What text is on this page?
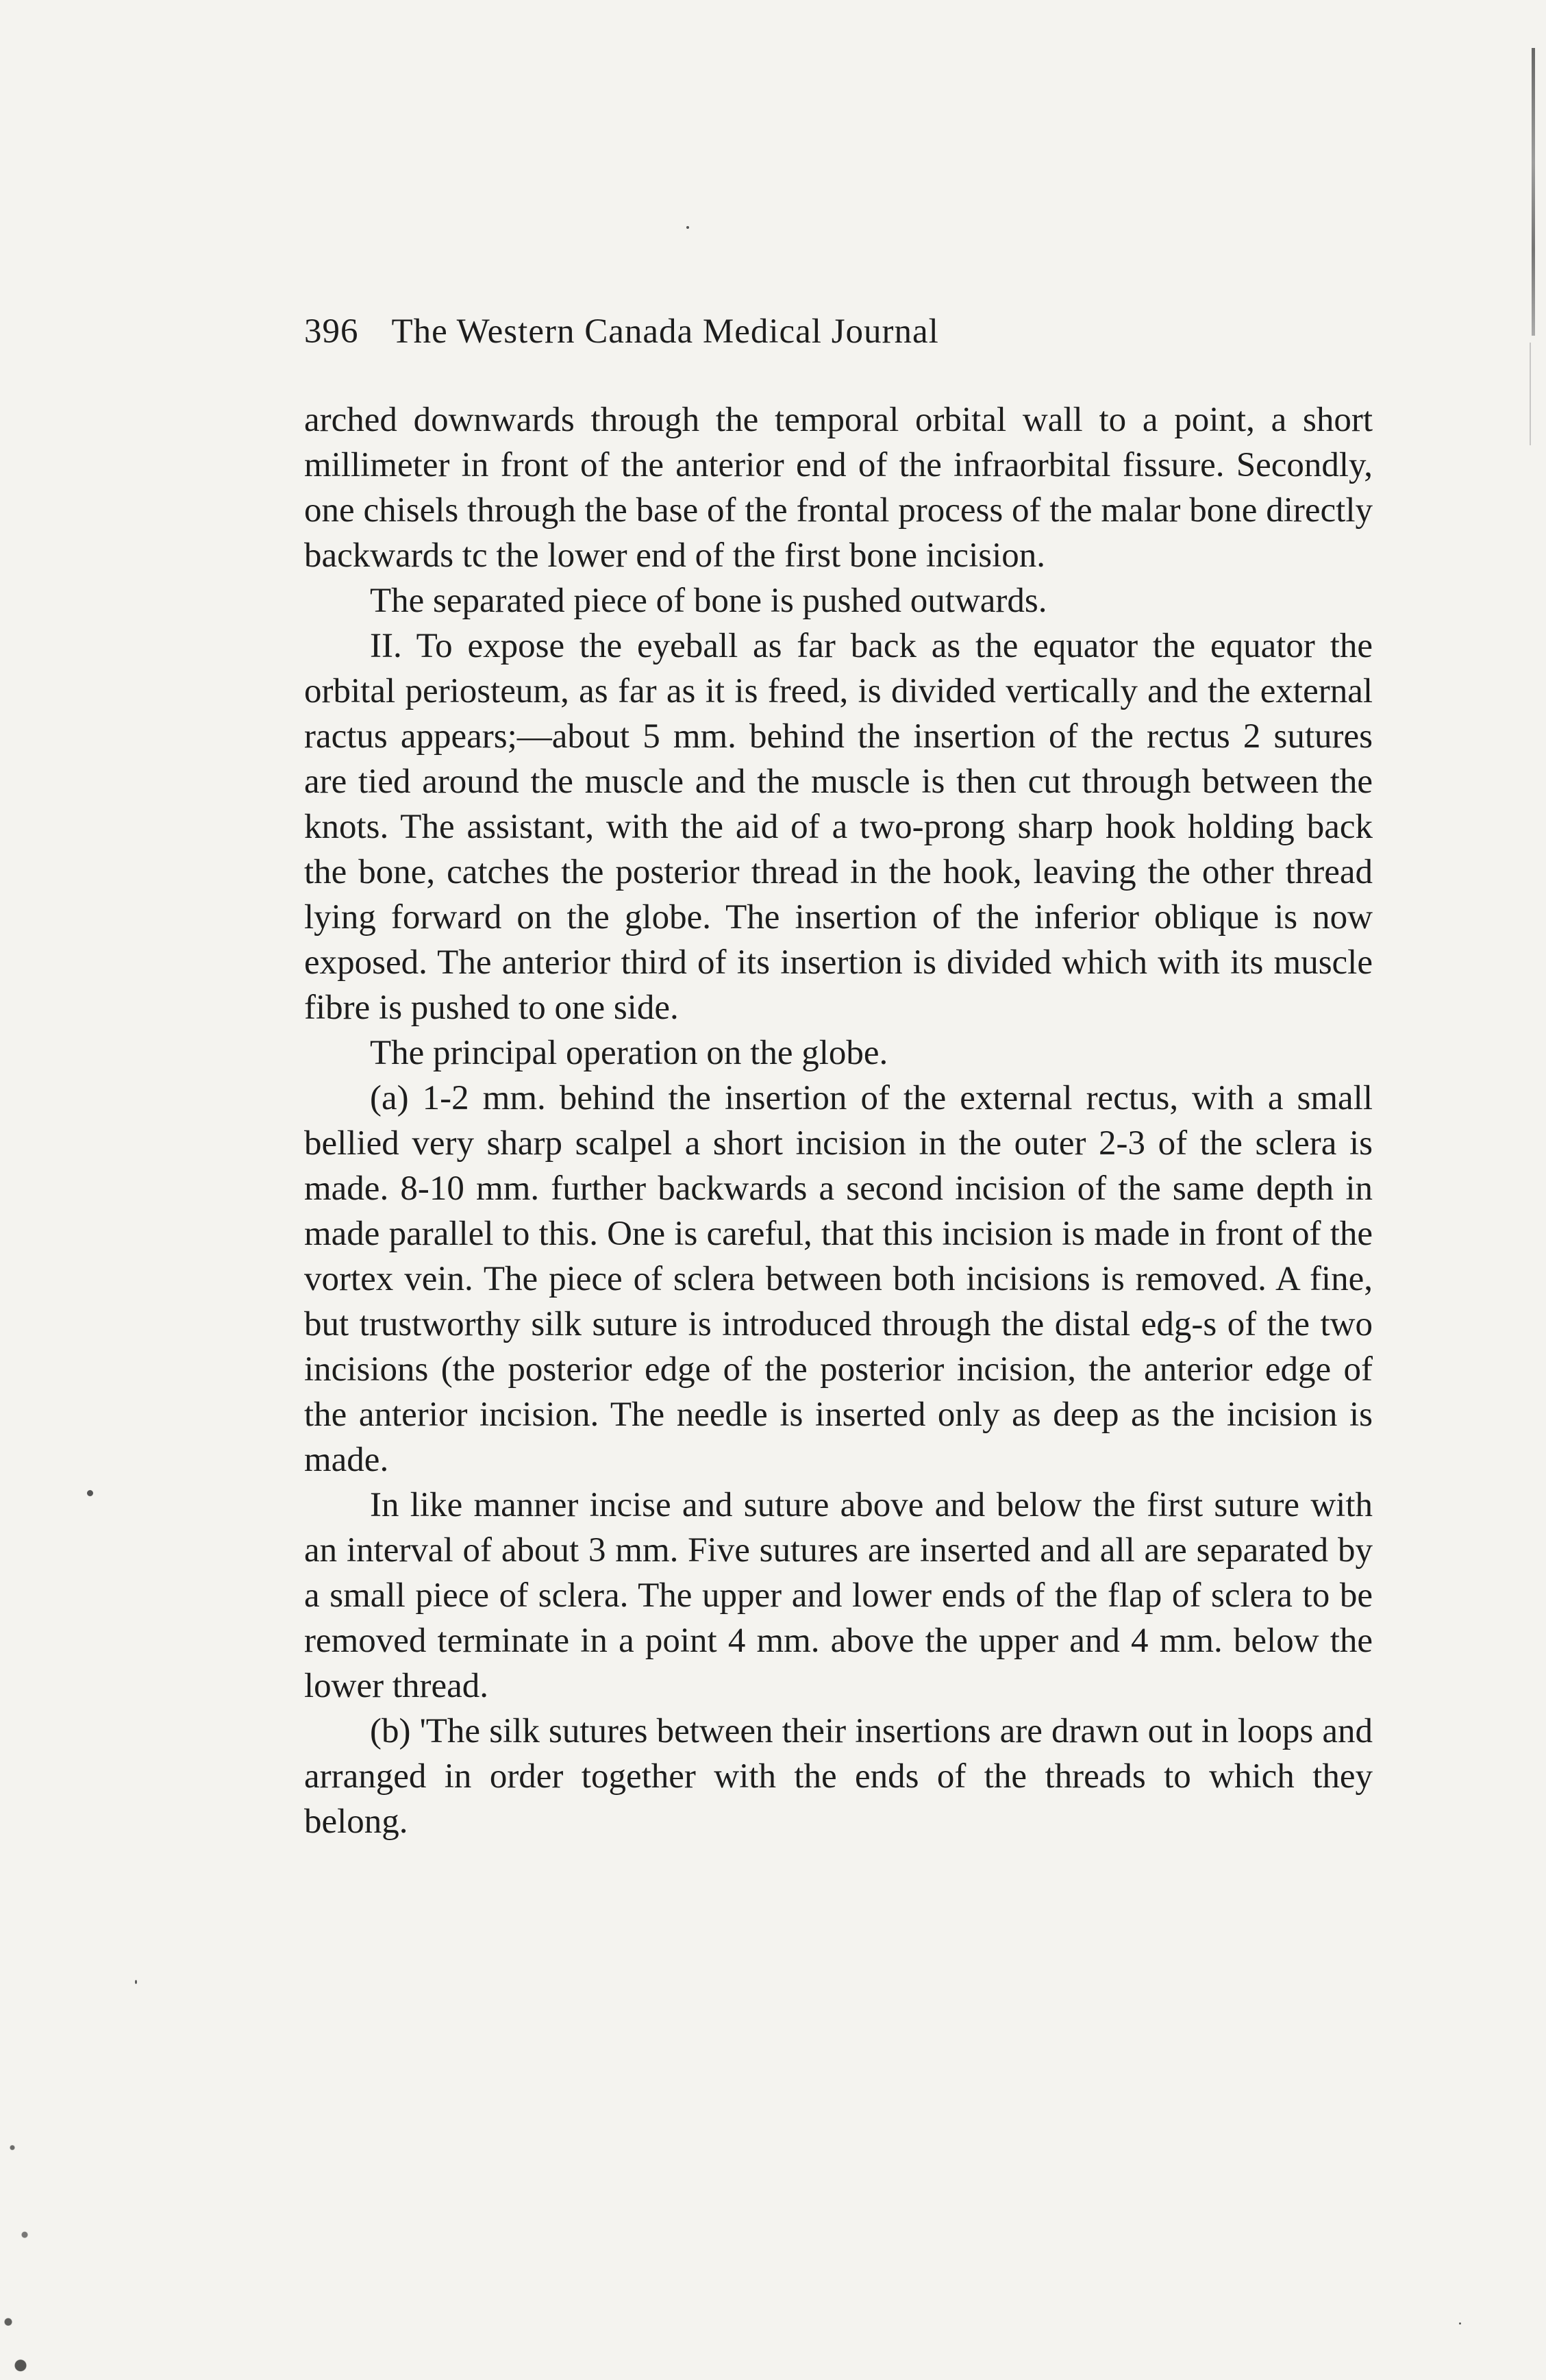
396 The Western Canada Medical Journal

arched downwards through the temporal orbital wall to a point, a short millimeter in front of the anterior end of the infraorbital fissure. Secondly, one chisels through the base of the frontal process of the malar bone directly backwards tc the lower end of the first bone incision.

The separated piece of bone is pushed outwards.

II. To expose the eyeball as far back as the equator the equator the orbital periosteum, as far as it is freed, is divided vertically and the external ractus appears;—about 5 mm. behind the insertion of the rectus 2 sutures are tied around the muscle and the muscle is then cut through between the knots. The assistant, with the aid of a two-prong sharp hook holding back the bone, catches the posterior thread in the hook, leaving the other thread lying forward on the globe. The insertion of the inferior oblique is now exposed. The anterior third of its insertion is divided which with its muscle fibre is pushed to one side.

The principal operation on the globe.

(a) 1-2 mm. behind the insertion of the external rectus, with a small bellied very sharp scalpel a short incision in the outer 2-3 of the sclera is made. 8-10 mm. further backwards a second incision of the same depth in made parallel to this. One is careful, that this incision is made in front of the vortex vein. The piece of sclera between both incisions is removed. A fine, but trustworthy silk suture is introduced through the distal edg-s of the two incisions (the posterior edge of the posterior incision, the anterior edge of the anterior incision. The needle is inserted only as deep as the incision is made.

In like manner incise and suture above and below the first suture with an interval of about 3 mm. Five sutures are inserted and all are separated by a small piece of sclera. The upper and lower ends of the flap of sclera to be removed terminate in a point 4 mm. above the upper and 4 mm. below the lower thread.

(b) 'The silk sutures between their insertions are drawn out in loops and arranged in order together with the ends of the threads to which they belong.
